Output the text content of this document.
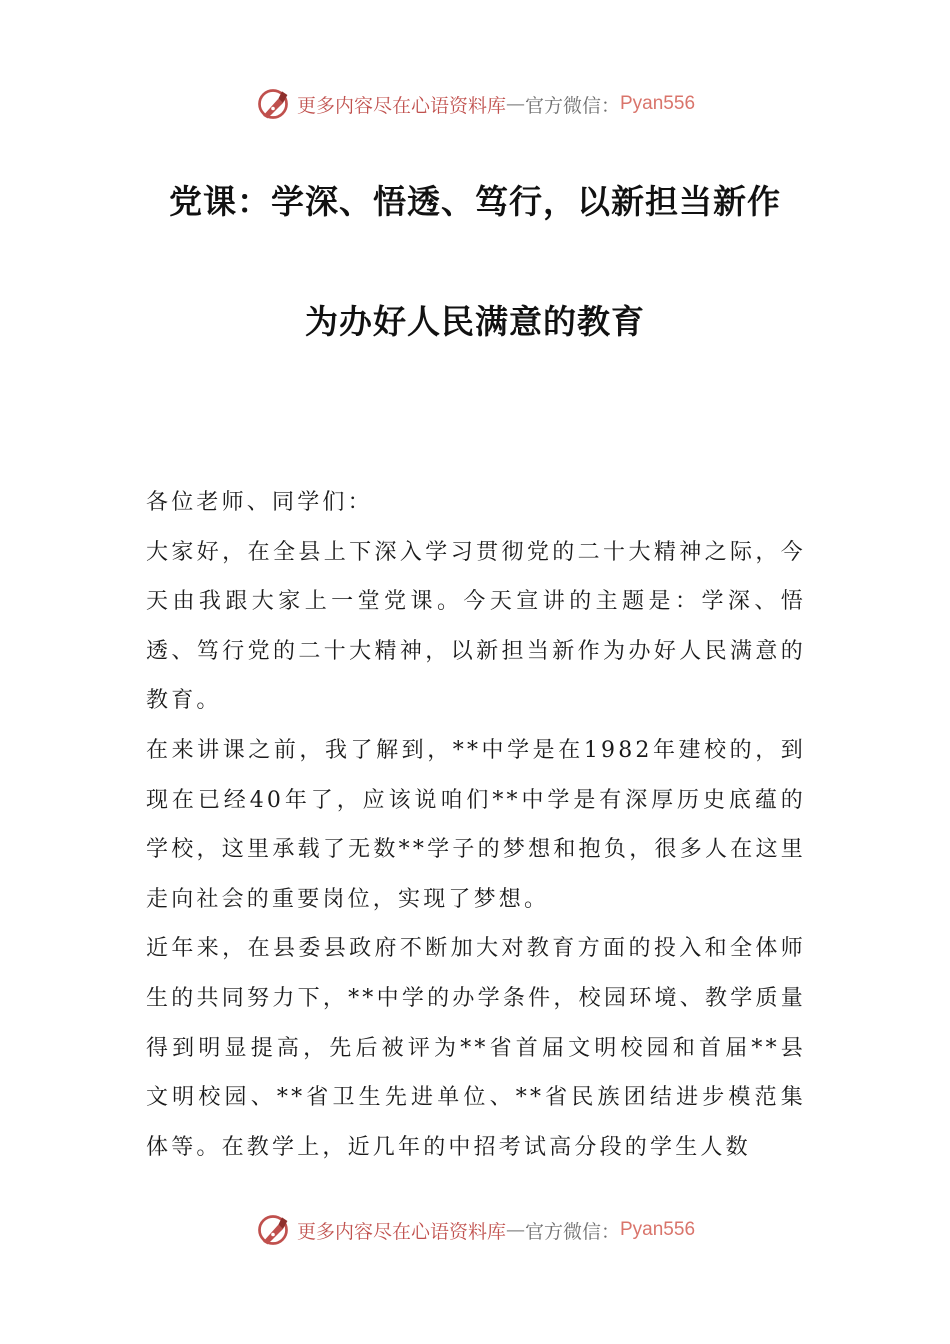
更多内容尽在心语资料库 — 官方微信： Pyan556
党课：学深、悟透、笃行，以新担当新作
为办好人民满意的教育

各位老师、同学们：

大家好，在全县上下深入学习贯彻党的二十大精神之际，今天由我跟大家上一堂党课。今天宣讲的主题是：学深、悟透、笃行党的二十大精神，以新担当新作为办好人民满意的教育。

在来讲课之前，我了解到，**中学是在1982年建校的，到现在已经40年了，应该说咱们**中学是有深厚历史底蕴的学校，这里承载了无数**学子的梦想和抱负，很多人在这里走向社会的重要岗位，实现了梦想。

近年来，在县委县政府不断加大对教育方面的投入和全体师生的共同努力下，**中学的办学条件，校园环境、教学质量得到明显提高，先后被评为**省首届文明校园和首届**县文明校园、**省卫生先进单位、**省民族团结进步模范集体等。在教学上，近几年的中招考试高分段的学生人数

更多内容尽在心语资料库 — 官方微信： Pyan556
